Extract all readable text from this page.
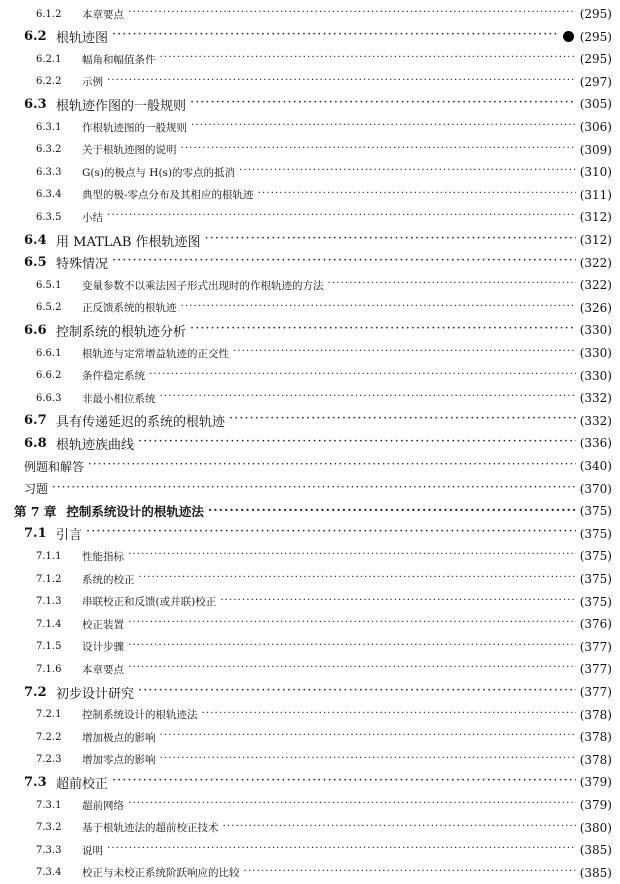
6.1.2	本章要点 ·····	(295)
6.2 根轨迹图 ·····	(295)
6.2.1	幅角和幅值条件 ·····	(295)
6.2.2	示例 ·····	(297)
6.3 根轨迹作图的一般规则 ·····	(305)
6.3.1	作根轨迹图的一般规则 ·····	(306)
6.3.2	关于根轨迹图的说明 ·····	(309)
6.3.3	G(s)的极点与 H(s)的零点的抵消 ·····	(310)
6.3.4	典型的极-零点分布及其相应的根轨迹 ·····	(311)
6.3.5	小结 ·····	(312)
6.4 用 MATLAB 作根轨迹图 ·····	(312)
6.5 特殊情况 ·····	(322)
6.5.1	变量参数不以乘法因子形式出现时的作根轨迹的方法 ·····	(322)
6.5.2	正反馈系统的根轨迹 ·····	(326)
6.6 控制系统的根轨迹分析 ·····	(330)
6.6.1	根轨迹与定常增益轨迹的正交性 ·····	(330)
6.6.2	条件稳定系统 ·····	(330)
6.6.3	非最小相位系统 ·····	(332)
6.7 具有传递延迟的系统的根轨迹 ·····	(332)
6.8 根轨迹族曲线 ·····	(336)
例题和解答 ·····	(340)
习题 ·····	(370)
第 7 章 控制系统设计的根轨迹法 ·····	(375)
7.1 引言 ·····	(375)
7.1.1	性能指标 ·····	(375)
7.1.2	系统的校正 ·····	(375)
7.1.3	串联校正和反馈(或并联)校正 ·····	(375)
7.1.4	校正装置 ·····	(376)
7.1.5	设计步骤 ·····	(377)
7.1.6	本章要点 ·····	(377)
7.2 初步设计研究 ·····	(377)
7.2.1	控制系统设计的根轨迹法 ·····	(378)
7.2.2	增加极点的影响 ·····	(378)
7.2.3	增加零点的影响 ·····	(378)
7.3 超前校正 ·····	(379)
7.3.1	超前网络 ·····	(379)
7.3.2	基于根轨迹法的超前校正技术 ·····	(380)
7.3.3	说明 ·····	(385)
7.3.4	校正与未校正系统阶跃响应的比较 ·····	(385)
